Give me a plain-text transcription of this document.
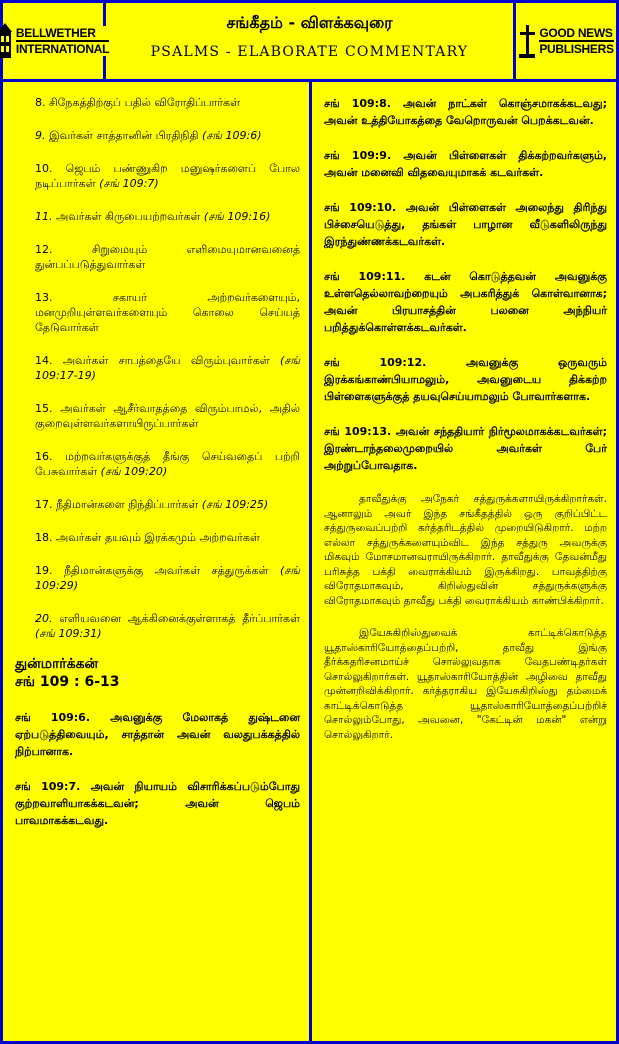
BELLWETHER
INTERNATIONAL
சங்கீதம் - விளக்கவுரை
PSALMS - ELABORATE COMMENTARY
GOOD NEWS
PUBLISHERS
8. சிநேகத்திற்குப் பதில் விரோதிப்பார்கள்
9. இவர்கள் சாத்தானின் பிரதிநிதி (சங் 109:6)
10. ஜெபம் பண்ணுகிற மனுஷர்களைப் போல நடிப்பார்கள் (சங் 109:7)
11. அவர்கள் கிருபையற்றவர்கள் (சங் 109:16)
12.	சிறுமையும் எளிமையுமானவனைத் துன்பப்படுத்துவார்கள்
13.	சகாயர் அற்றவர்களையும், மனமுறியுள்ளவர்களையும் கொலை செய்யத் தேடுவார்கள்
14. அவர்கள் சாபத்தையே விரும்புவார்கள் (சங் 109:17-19)
15. அவர்கள் ஆசீர்வாதத்தை விரும்பாமல், அதில் குறைவுள்ளவர்களாயிருப்பார்கள்
16. மற்றவர்களுக்குத் தீங்கு செய்வதைப் பற்றி பேசுவார்கள் (சங் 109:20)
17. நீதிமான்களை நிந்திப்பார்கள் (சங் 109:25)
18. அவர்கள் தயவும் இரக்கமும் அற்றவர்கள்
19. நீதிமான்களுக்கு அவர்கள் சத்துருக்கள் (சங் 109:29)
20. எளியவனை ஆக்கினைக்குள்ளாகத் தீர்ப்பார்கள் (சங் 109:31)
துன்மார்க்கன்
சங் 109 : 6-13
சங் 109:6. அவனுக்கு மேலாகத் துஷ்டனை ஏற்படுத்திவையும், சாத்தான் அவன் வலதுபக்கத்தில் நிற்பானாக.
சங் 109:7. அவன் நியாயம் விசாரிக்கப்படும்போது குற்றவாளியாகக்கடவன்; அவன் ஜெபம் பாவமாகக்கடவது.
சங் 109:8. அவன் நாட்கள் கொஞ்சமாகக்கடவது; அவன் உத்தியோகத்தை வேறொருவன் பெறக்கடவன்.
சங் 109:9. அவன் பிள்ளைகள் திக்கற்றவர்களும், அவன் மனைவி விதவையுமாகக் கடவர்கள்.
சங் 109:10. அவன் பிள்ளைகள் அலைந்து திரிந்து பிச்சையெடுத்து, தங்கள் பாழான வீடுகளிலிருந்து இரந்துண்ணக்கடவர்கள்.
சங் 109:11. கடன் கொடுத்தவன் அவனுக்கு உள்ளதெல்லாவற்றையும் அபகரித்துக் கொள்வானாக; அவன் பிரயாசத்தின் பலனை அந்நியர் பறித்துக்கொள்ளக்கடவர்கள்.
சங் 109:12. அவனுக்கு ஒருவரும் இரக்கங்காண்பியாமலும், அவனுடைய திக்கற்ற பிள்ளைகளுக்குத் தயவுசெய்யாமலும் போவார்களாக.
சங் 109:13. அவன் சந்ததியார் நிர்மூலமாகக்கடவர்கள்; இரண்டாந்தலைமுறையில் அவர்கள் பேர் அற்றுப்போவதாக.
தாவீதுக்கு அநேகர் சத்துருக்களாயிருக்கிறார்கள். ஆனாலும் அவர் இந்த சங்கீதத்தில் ஒரு குறிப்பிட்ட சத்துருவைப்பற்றி கர்த்தரிடத்தில் முறையிடுகிறார். மற்ற எல்லா சத்துருக்களையும்விட இந்த சத்துரு அவருக்கு மிகவும் மோசமானவராயிருக்கிறார். தாவீதுக்கு தேவன்மீது பரிசுத்த பக்தி வைராக்கியம் இருக்கிறது. பாவத்திற்கு விரோதமாகவும், கிறிஸ்துவின் சத்துருக்களுக்கு விரோதமாகவும் தாவீது பக்தி வைராக்கியம் காண்பிக்கிறார்.
இயேசுகிறிஸ்துவைக் காட்டிக்கொடுத்த யூதாஸ்காரியோத்தைப்பற்றி, தாவீது இங்கு தீர்க்கதரிசனமாய்ச் சொல்லுவதாக வேதபண்டிதர்கள் சொல்லுகிறார்கள். யூதாஸ்காரியோத்தின் அழிவை தாவீது முன்னறிவிக்கிறார். கர்த்தராகிய இயேசுகிறிஸ்து தம்மைக் காட்டிக்கொடுத்த யூதாஸ்காரியோத்தைப்பற்றிச் சொல்லும்போது, அவனை, "கேட்டின் மகன்" என்று சொல்லுகிறார்.
